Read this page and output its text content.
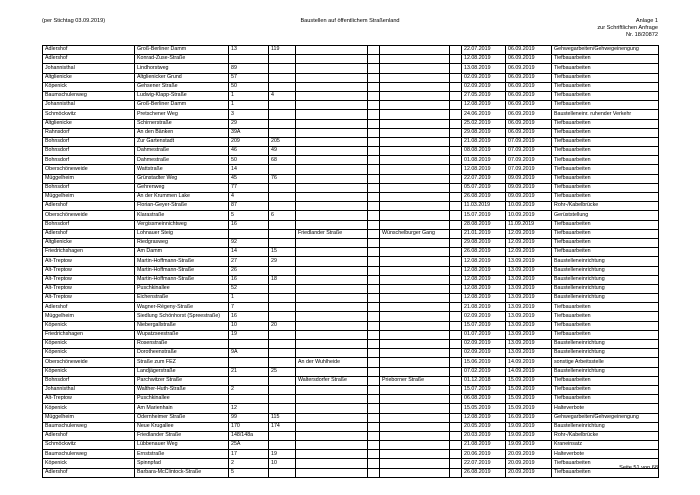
(per Stichtag 03.09.2019)	Baustellen auf öffentlichem Straßenland	Anlage 1
zur Schriftlichen Anfrage
Nr. 18/20872
Adlershof	Groß-Berliner Damm	13	119					22.07.2019	06.09.2019	Gehwegarbeiten/Gehwegeinengung
Adlershof	Konrad-Zuse-Straße							12.08.2019	06.09.2019	Tiefbauarbeiten
Johannisthal	Lindhorstweg	89						13.08.2019	06.09.2019	Tiefbauarbeiten
Altglienicke	Altglienicker Grund	57						02.09.2019	06.09.2019	Tiefbauarbeiten
Köpenick	Gehsener Straße	50						02.09.2019	06.09.2019	Tiefbauarbeiten
Baumschulenweg	Ludwig-Klapp-Straße	1	4					27.05.2019	06.09.2019	Tiefbauarbeiten
Johannisthal	Groß-Berliner Damm	1						12.08.2019	06.09.2019	Tiefbauarbeiten
Schmöckwitz	Pretschener Weg	3						24.06.2019	06.09.2019	Baustelleneinr. ruhender Verkehr
Altglienicke	Schirnerstraße	29						25.02.2019	06.09.2019	Tiefbauarbeiten
Rahnsdorf	An den Bänken	39A						29.08.2019	06.09.2019	Tiefbauarbeiten
Bohnsdorf	Zur Gartenstadt	209	205					21.08.2019	07.09.2019	Tiefbauarbeiten
Bohnsdorf	Dahmestraße	46	49					08.08.2019	07.09.2019	Tiefbauarbeiten
Bohnsdorf	Dahmestraße	50	68					01.08.2019	07.09.2019	Tiefbauarbeiten
Oberschöneweide	Wattstraße	14						12.08.2019	07.09.2019	Tiefbauarbeiten
Müggelheim	Grünstadter Weg	45	76					22.07.2019	09.09.2019	Tiefbauarbeiten
Bohnsdorf	Gehrenweg	77						05.07.2019	09.09.2019	Tiefbauarbeiten
Müggelheim	An der Krummen Lake	4						26.08.2019	09.09.2019	Tiefbauarbeiten
Adlershof	Florian-Geyer-Straße	87						11.03.2019	10.09.2019	Rohr-/Kabelbrücke
Oberschöneweide	Klarastraße	5	6					15.07.2019	10.09.2019	Gerüststellung
Bohnsdorf	Vergissmeinnichtweg	16						28.08.2019	11.09.2019	Tiefbauarbeiten
Adlershof	Lohnauer Steig			Friedlander Straße		Wünschelburger Gang		21.01.2019	12.09.2019	Tiefbauarbeiten
Altglienicke	Riedgrasweg	92						29.08.2019	12.09.2019	Tiefbauarbeiten
Friedrichshagen	Am Damm	14	15					26.08.2019	12.09.2019	Tiefbauarbeiten
Alt-Treptow	Martin-Hoffmann-Straße	27	29					12.08.2019	13.09.2019	Baustelleneinrichtung
Alt-Treptow	Martin-Hoffmann-Straße	26						12.08.2019	13.09.2019	Baustelleneinrichtung
Alt-Treptow	Martin-Hoffmann-Straße	16	18					12.08.2019	13.09.2019	Baustelleneinrichtung
Alt-Treptow	Puschkinallee	52						12.08.2019	13.09.2019	Baustelleneinrichtung
Alt-Treptow	Eichenstraße	1						12.08.2019	13.09.2019	Baustelleneinrichtung
Adlershof	Wagner-Régeny-Straße	7						21.08.2019	13.09.2019	Tiefbauarbeiten
Müggelheim	Siedlung Schönhorst (Spreestraße)	16						02.09.2019	13.09.2019	Tiefbauarbeiten
Köpenick	Niebergallstraße	10	20					15.07.2019	13.09.2019	Tiefbauarbeiten
Friedrichshagen	Wupatzseestraße	19						01.07.2019	13.09.2019	Tiefbauarbeiten
Köpenick	Rosenstraße							02.09.2019	13.09.2019	Baustelleneinrichtung
Köpenick	Dorotheenstraße	9A						02.09.2019	13.09.2019	Baustelleneinrichtung
Oberschöneweide	Straße zum FEZ			An der Wuhlheide				15.06.2019	14.09.2019	sonstige Arbeitsstelle
Köpenick	Landjägerstraße	21	25					07.02.2019	14.09.2019	Baustelleneinrichtung
Bohnsdorf	Parchwitzer Straße			Waltersdorfer Straße		Prieborner Straße		01.12.2018	15.09.2019	Tiefbauarbeiten
Johannisthal	Walther-Huth-Straße	2						15.07.2019	15.09.2019	Tiefbauarbeiten
Alt-Treptow	Puschkinallee							06.08.2019	15.09.2019	Tiefbauarbeiten
Köpenick	Am Marienhain	12						15.05.2019	15.09.2019	Halteverbote
Müggelheim	Odernheimer Straße	99	115					12.08.2019	16.09.2019	Gehwegarbeiten/Gehwegeinengung
Baumschulenweg	Neue Krugallee	170	174					20.05.2019	19.09.2019	Baustelleneinrichtung
Adlershof	Friedlander Straße	148/148a						20.03.2019	19.09.2019	Rohr-/Kabelbrücke
Schmöckwitz	Lübbenauer Weg	25A						21.08.2019	19.09.2019	Kraneinsatz
Baumschulenweg	Ernststraße	17	19					20.06.2019	20.09.2019	Halteverbote
Köpenick	Spinnpfad	2	10					22.07.2019	20.09.2019	Tiefbauarbeiten
Adlershof	Barbara-McClintock-Straße	5						26.08.2019	20.09.2019	Tiefbauarbeiten
Seite 51 von 68
